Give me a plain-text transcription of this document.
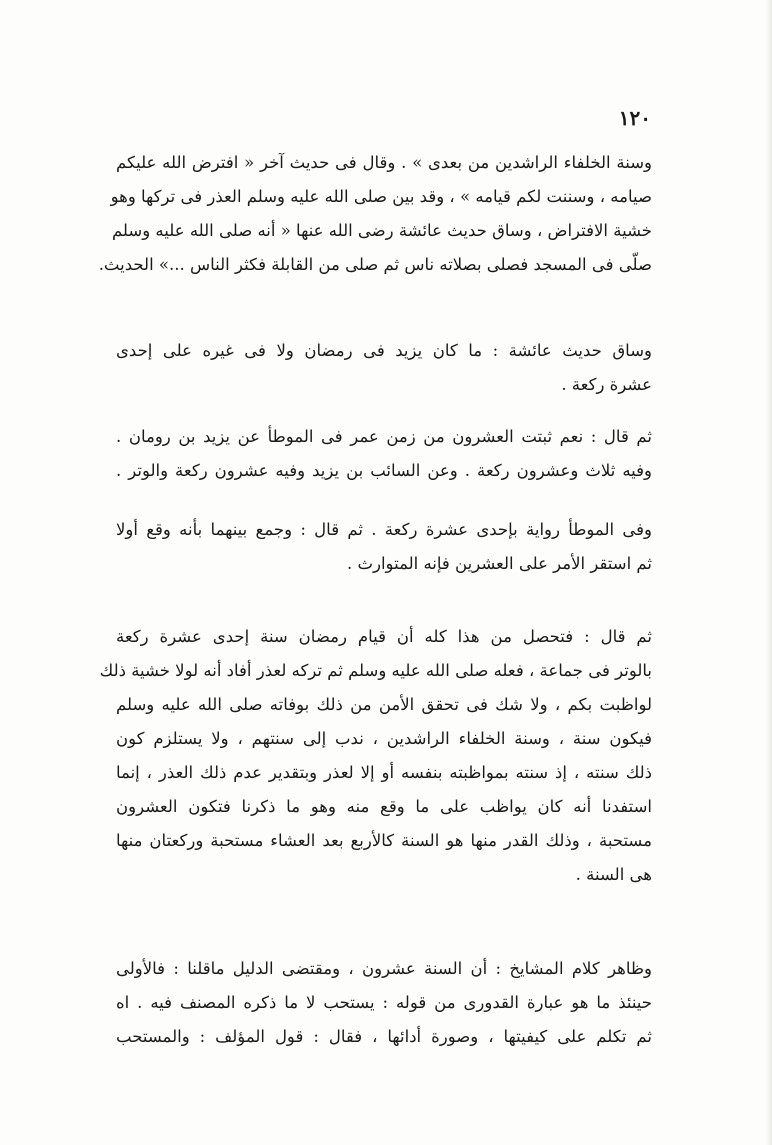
١٢٠
وسنة الخلفاء الراشدين من بعدى » . وقال فى حديث آخر « افترض الله عليكم
صيامه ، وسننت لكم قيامه » ، وقد بين صلى الله عليه وسلم العذر فى تركها وهو
خشية الافتراض ، وساق حديث عائشة رضى الله عنها « أنه صلى الله عليه وسلم
صلّى فى المسجد فصلى بصلاته ناس ثم صلى من القابلة فكثر الناس ...» الحديث.
وساق حديث عائشة : ما كان يزيد فى رمضان ولا فى غيره على إحدى
عشرة ركعة .
ثم قال : نعم ثبتت العشرون من زمن عمر فى الموطأ عن يزيد بن رومان .
وفيه ثلاث وعشرون ركعة . وعن السائب بن يزيد وفيه عشرون ركعة والوتر .
وفى الموطأ رواية بإحدى عشرة ركعة . ثم قال : وجمع بينهما بأنه وقع أولا
ثم استقر الأمر على العشرين فإنه المتوارث .
ثم قال : فتحصل من هذا كله أن قيام رمضان سنة إحدى عشرة ركعة
بالوتر فى جماعة ، فعله صلى الله عليه وسلم ثم تركه لعذر أفاد أنه لولا خشية ذلك
لواظبت بكم ، ولا شك فى تحقق الأمن من ذلك بوفاته صلى الله عليه وسلم
فيكون سنة ، وسنة الخلفاء الراشدين ، ندب إلى سنتهم ، ولا يستلزم كون
ذلك سنته ، إذ سنته بمواظبته بنفسه أو إلا لعذر وبتقدير عدم ذلك العذر ، إنما
استفدنا أنه كان يواظب على ما وقع منه وهو ما ذكرنا فتكون العشرون
مستحبة ، وذلك القدر منها هو السنة كالأربع بعد العشاء مستحبة وركعتان منها
هى السنة .
وظاهر كلام المشايخ : أن السنة عشرون ، ومقتضى الدليل ماقلنا : فالأولى
حينئذ ما هو عبارة القدورى من قوله : يستحب لا ما ذكره المصنف فيه . اه
ثم تكلم على كيفيتها ، وصورة أدائها ، فقال : قول المؤلف : والمستحب
